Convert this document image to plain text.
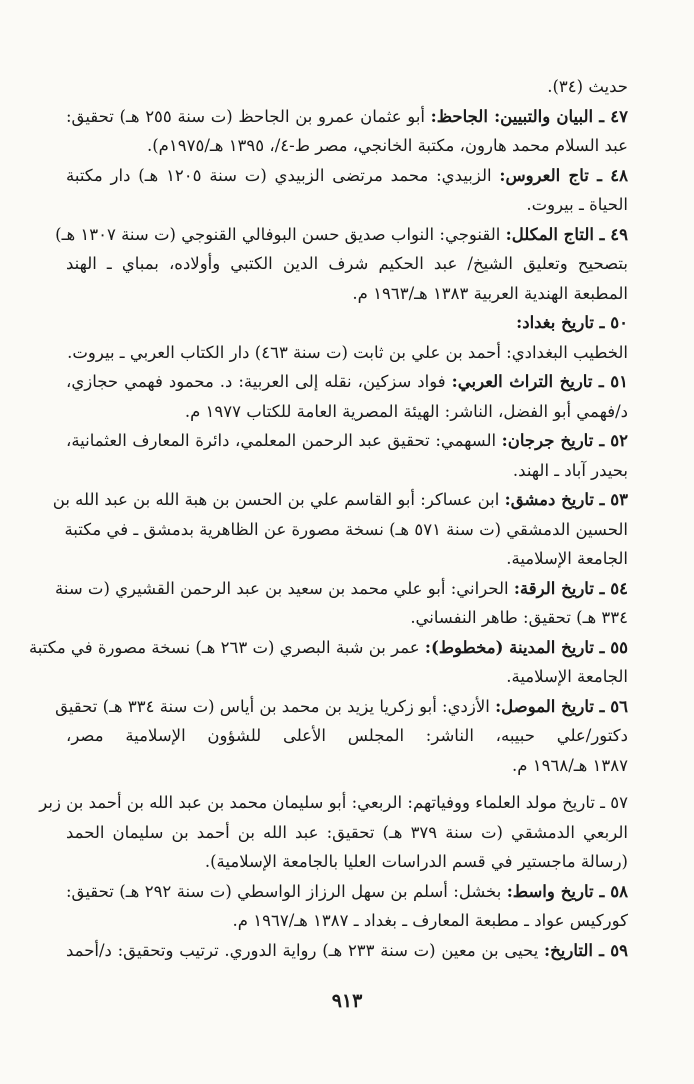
حديث (٣٤).
٤٧ ـ البيان والتبيين: الجاحظ: أبو عثمان عمرو بن الجاحظ (ت سنة ٢٥٥ هـ) تحقيق:
عبد السلام محمد هارون، مكتبة الخانجي، مصر ط-٤/، ١٣٩٥ هـ/١٩٧٥م).
٤٨ ـ تاج العروس: الزبيدي: محمد مرتضى الزبيدي (ت سنة ١٢٠٥ هـ) دار مكتبة
الحياة ـ بيروت.
٤٩ ـ التاج المكلل: القنوجي: النواب صديق حسن البوفالي القنوجي (ت سنة ١٣٠٧ هـ)
بتصحيح وتعليق الشيخ/ عبد الحكيم شرف الدين الكتبي وأولاده، بمباي ـ الهند
المطبعة الهندية العربية ١٣٨٣ هـ/١٩٦٣ م.
٥٠ ـ تاريخ بغداد:
الخطيب البغدادي: أحمد بن علي بن ثابت (ت سنة ٤٦٣) دار الكتاب العربي ـ بيروت.
٥١ ـ تاريخ التراث العربي: فواد سزكين، نقله إلى العربية: د. محمود فهمي حجازي،
د/فهمي أبو الفضل، الناشر: الهيئة المصرية العامة للكتاب ١٩٧٧ م.
٥٢ ـ تاريخ جرجان: السهمي: تحقيق عبد الرحمن المعلمي، دائرة المعارف العثمانية،
بحيدر آباد ـ الهند.
٥٣ ـ تاريخ دمشق: ابن عساكر: أبو القاسم علي بن الحسن بن هبة الله بن عبد الله بن
الحسين الدمشقي (ت سنة ٥٧١ هـ) نسخة مصورة عن الظاهرية بدمشق ـ في مكتبة
الجامعة الإسلامية.
٥٤ ـ تاريخ الرقة: الحراني: أبو علي محمد بن سعيد بن عبد الرحمن القشيري (ت سنة
٣٣٤ هـ) تحقيق: طاهر النفساني.
٥٥ ـ تاريخ المدينة (مخطوط): عمر بن شبة البصري (ت ٢٦٣ هـ) نسخة مصورة في مكتبة
الجامعة الإسلامية.
٥٦ ـ تاريخ الموصل: الأزدي: أبو زكريا يزيد بن محمد بن أياس (ت سنة ٣٣٤ هـ) تحقيق
دكتور/علي حبيبه، الناشر: المجلس الأعلى للشؤون الإسلامية مصر،
١٣٨٧ هـ/١٩٦٨ م.
٥٧ ـ تاريخ مولد العلماء ووفياتهم: الربعي: أبو سليمان محمد بن عبد الله بن أحمد بن زبر
الربعي الدمشقي (ت سنة ٣٧٩ هـ) تحقيق: عبد الله بن أحمد بن سليمان الحمد
(رسالة ماجستير في قسم الدراسات العليا بالجامعة الإسلامية).
٥٨ ـ تاريخ واسط: بخشل: أسلم بن سهل الرزاز الواسطي (ت سنة ٢٩٢ هـ) تحقيق:
كوركيس عواد ـ مطبعة المعارف ـ بغداد ـ ١٣٨٧ هـ/١٩٦٧ م.
٥٩ ـ التاريخ: يحيى بن معين (ت سنة ٢٣٣ هـ) رواية الدوري. ترتيب وتحقيق: د/أحمد
٩١٣
